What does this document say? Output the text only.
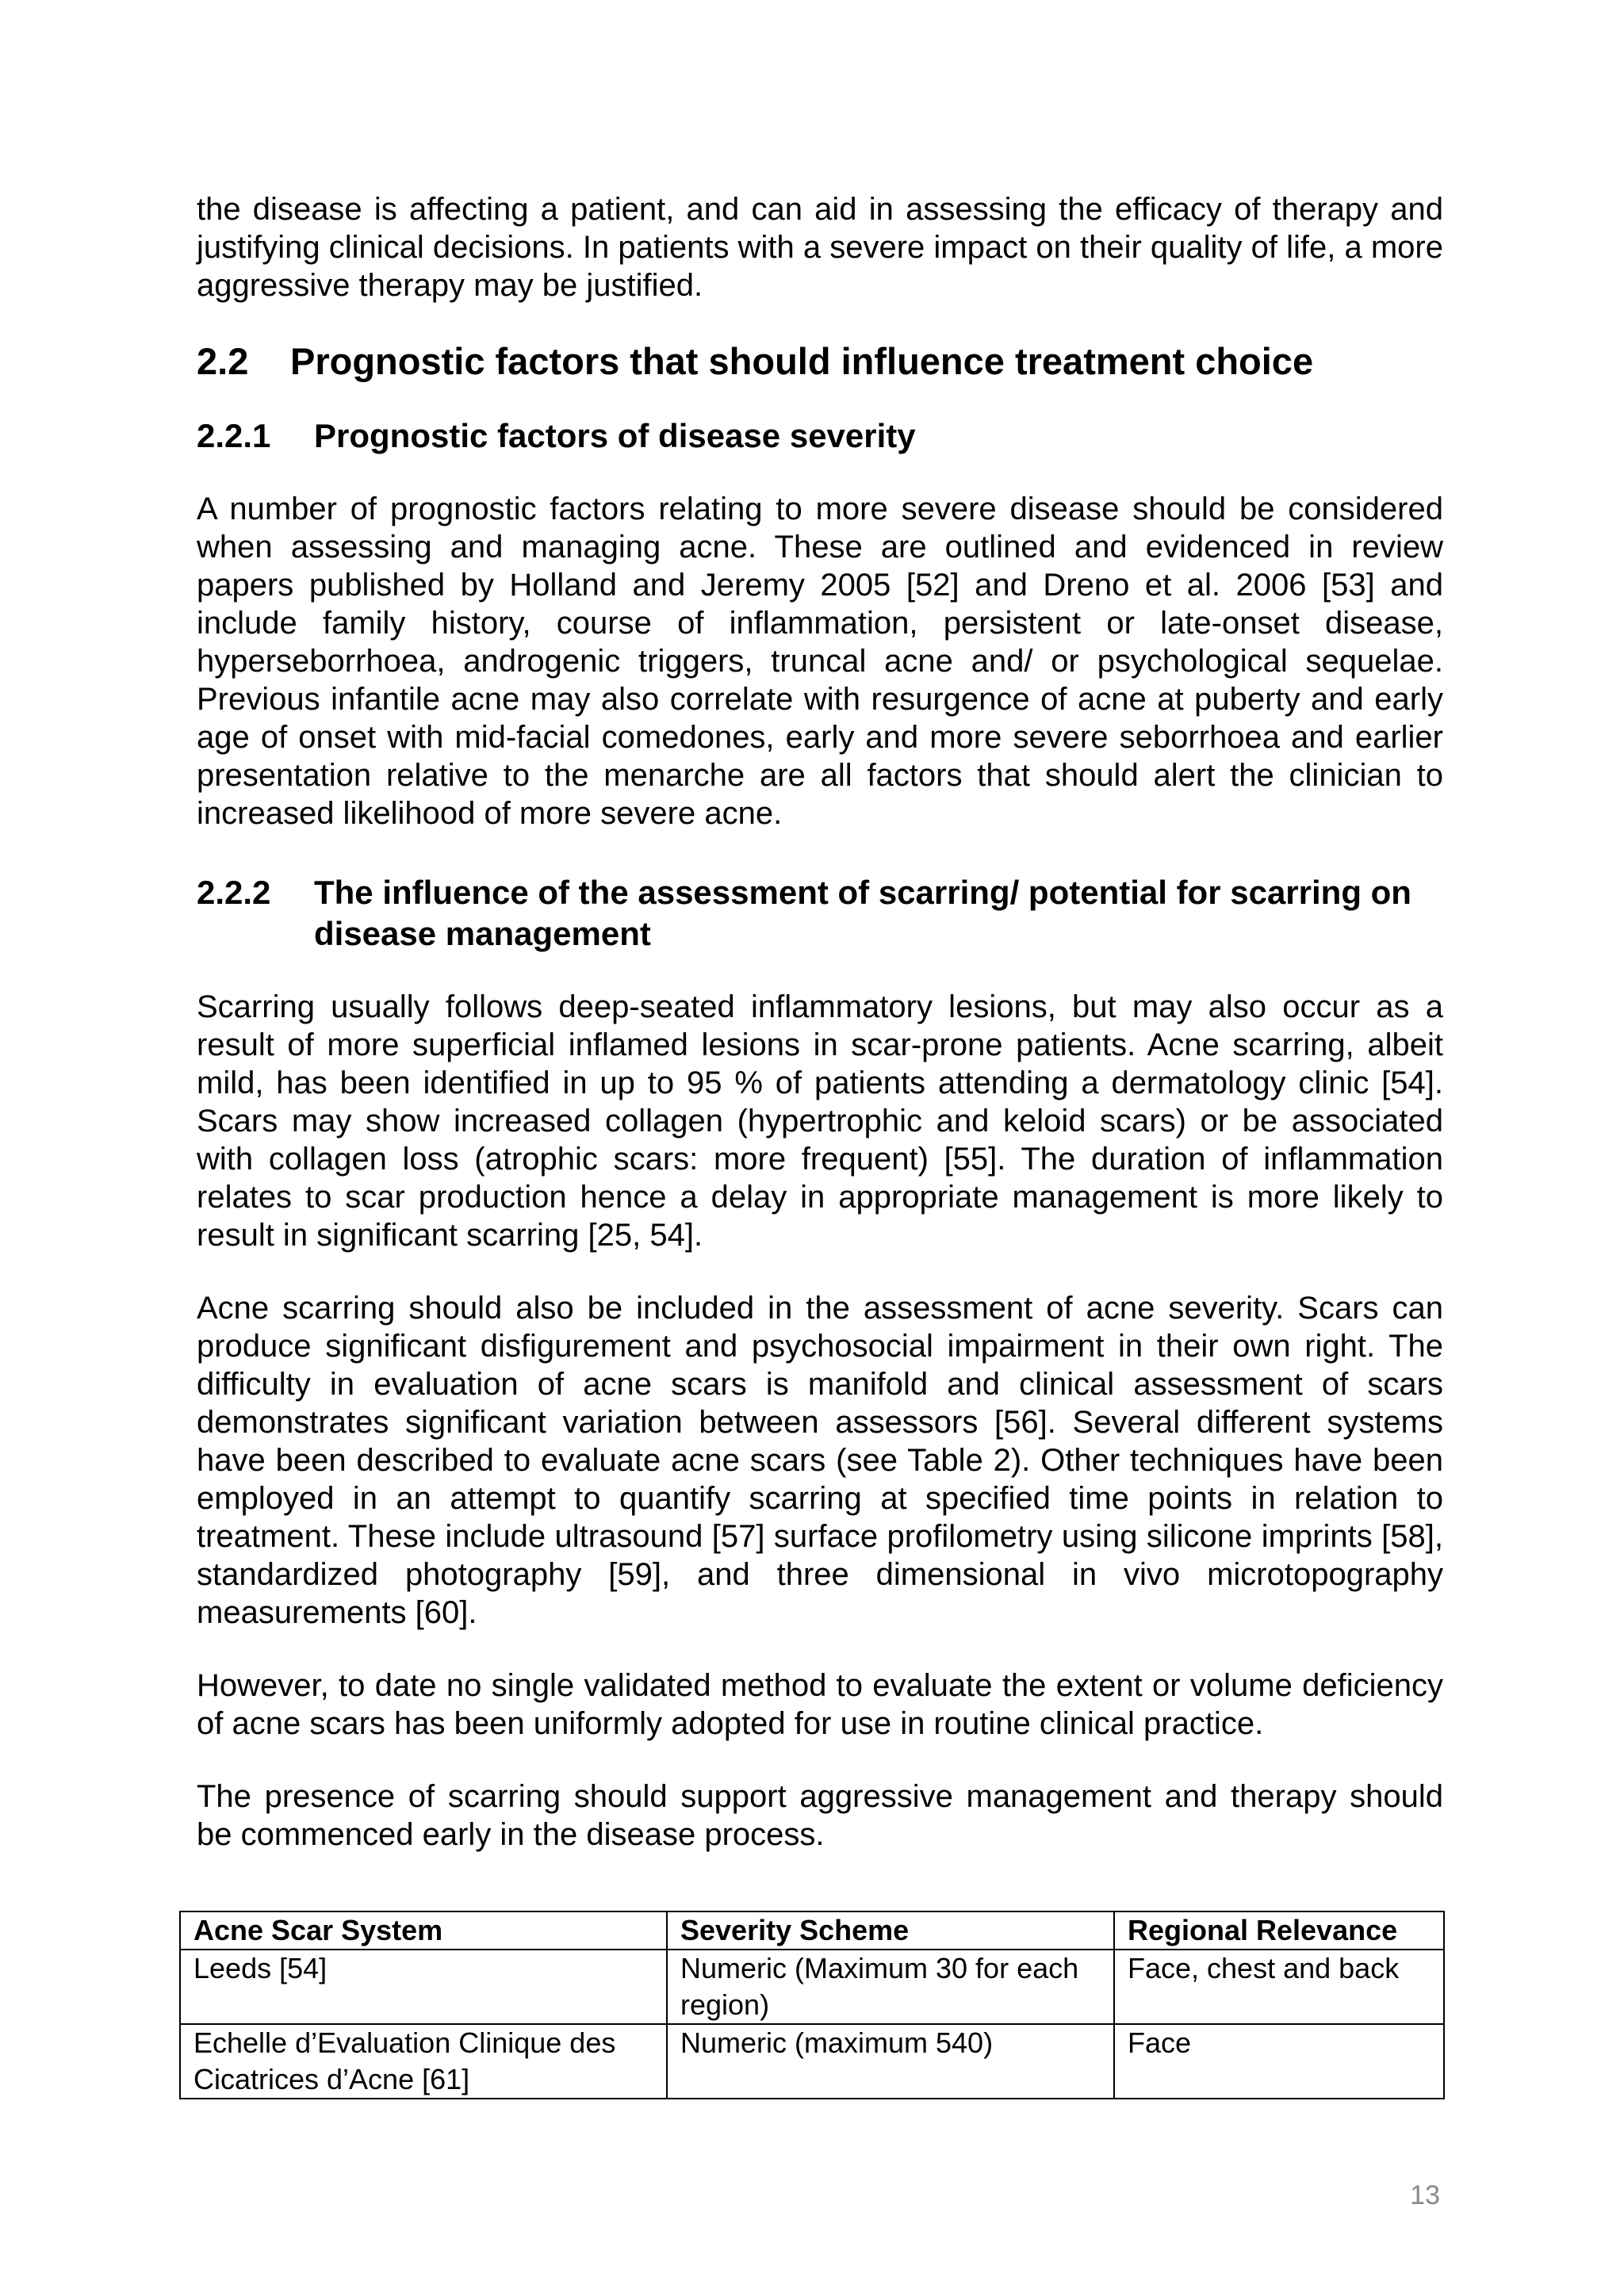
the disease is affecting a patient, and can aid in assessing the efficacy of therapy and justifying clinical decisions. In patients with a severe impact on their quality of life, a more aggressive therapy may be justified.

2.2 Prognostic factors that should influence treatment choice
2.2.1 Prognostic factors of disease severity

A number of prognostic factors relating to more severe disease should be considered when assessing and managing acne. These are outlined and evidenced in review papers published by Holland and Jeremy 2005 [52] and Dreno et al. 2006 [53] and include family history, course of inflammation, persistent or late-onset disease, hyperseborrhoea, androgenic triggers, truncal acne and/ or psychological sequelae. Previous infantile acne may also correlate with resurgence of acne at puberty and early age of onset with mid-facial comedones, early and more severe seborrhoea and earlier presentation relative to the menarche are all factors that should alert the clinician to increased likelihood of more severe acne.

2.2.2 The influence of the assessment of scarring/ potential for scarring on disease management

Scarring usually follows deep-seated inflammatory lesions, but may also occur as a result of more superficial inflamed lesions in scar-prone patients. Acne scarring, albeit mild, has been identified in up to 95 % of patients attending a dermatology clinic [54]. Scars may show increased collagen (hypertrophic and keloid scars) or be associated with collagen loss (atrophic scars: more frequent) [55]. The duration of inflammation relates to scar production hence a delay in appropriate management is more likely to result in significant scarring [25, 54].

Acne scarring should also be included in the assessment of acne severity. Scars can produce significant disfigurement and psychosocial impairment in their own right. The difficulty in evaluation of acne scars is manifold and clinical assessment of scars demonstrates significant variation between assessors [56]. Several different systems have been described to evaluate acne scars (see Table 2). Other techniques have been employed in an attempt to quantify scarring at specified time points in relation to treatment. These include ultrasound [57] surface profilometry using silicone imprints [58], standardized photography [59], and three dimensional in vivo microtopography measurements [60].

However, to date no single validated method to evaluate the extent or volume deficiency of acne scars has been uniformly adopted for use in routine clinical practice.

The presence of scarring should support aggressive management and therapy should be commenced early in the disease process.

Acne Scar System	Severity Scheme	Regional Relevance
Leeds [54]	Numeric (Maximum 30 for each region)	Face, chest and back
Echelle d’Evaluation Clinique des Cicatrices d’Acne [61]	Numeric (maximum 540)	Face
13
